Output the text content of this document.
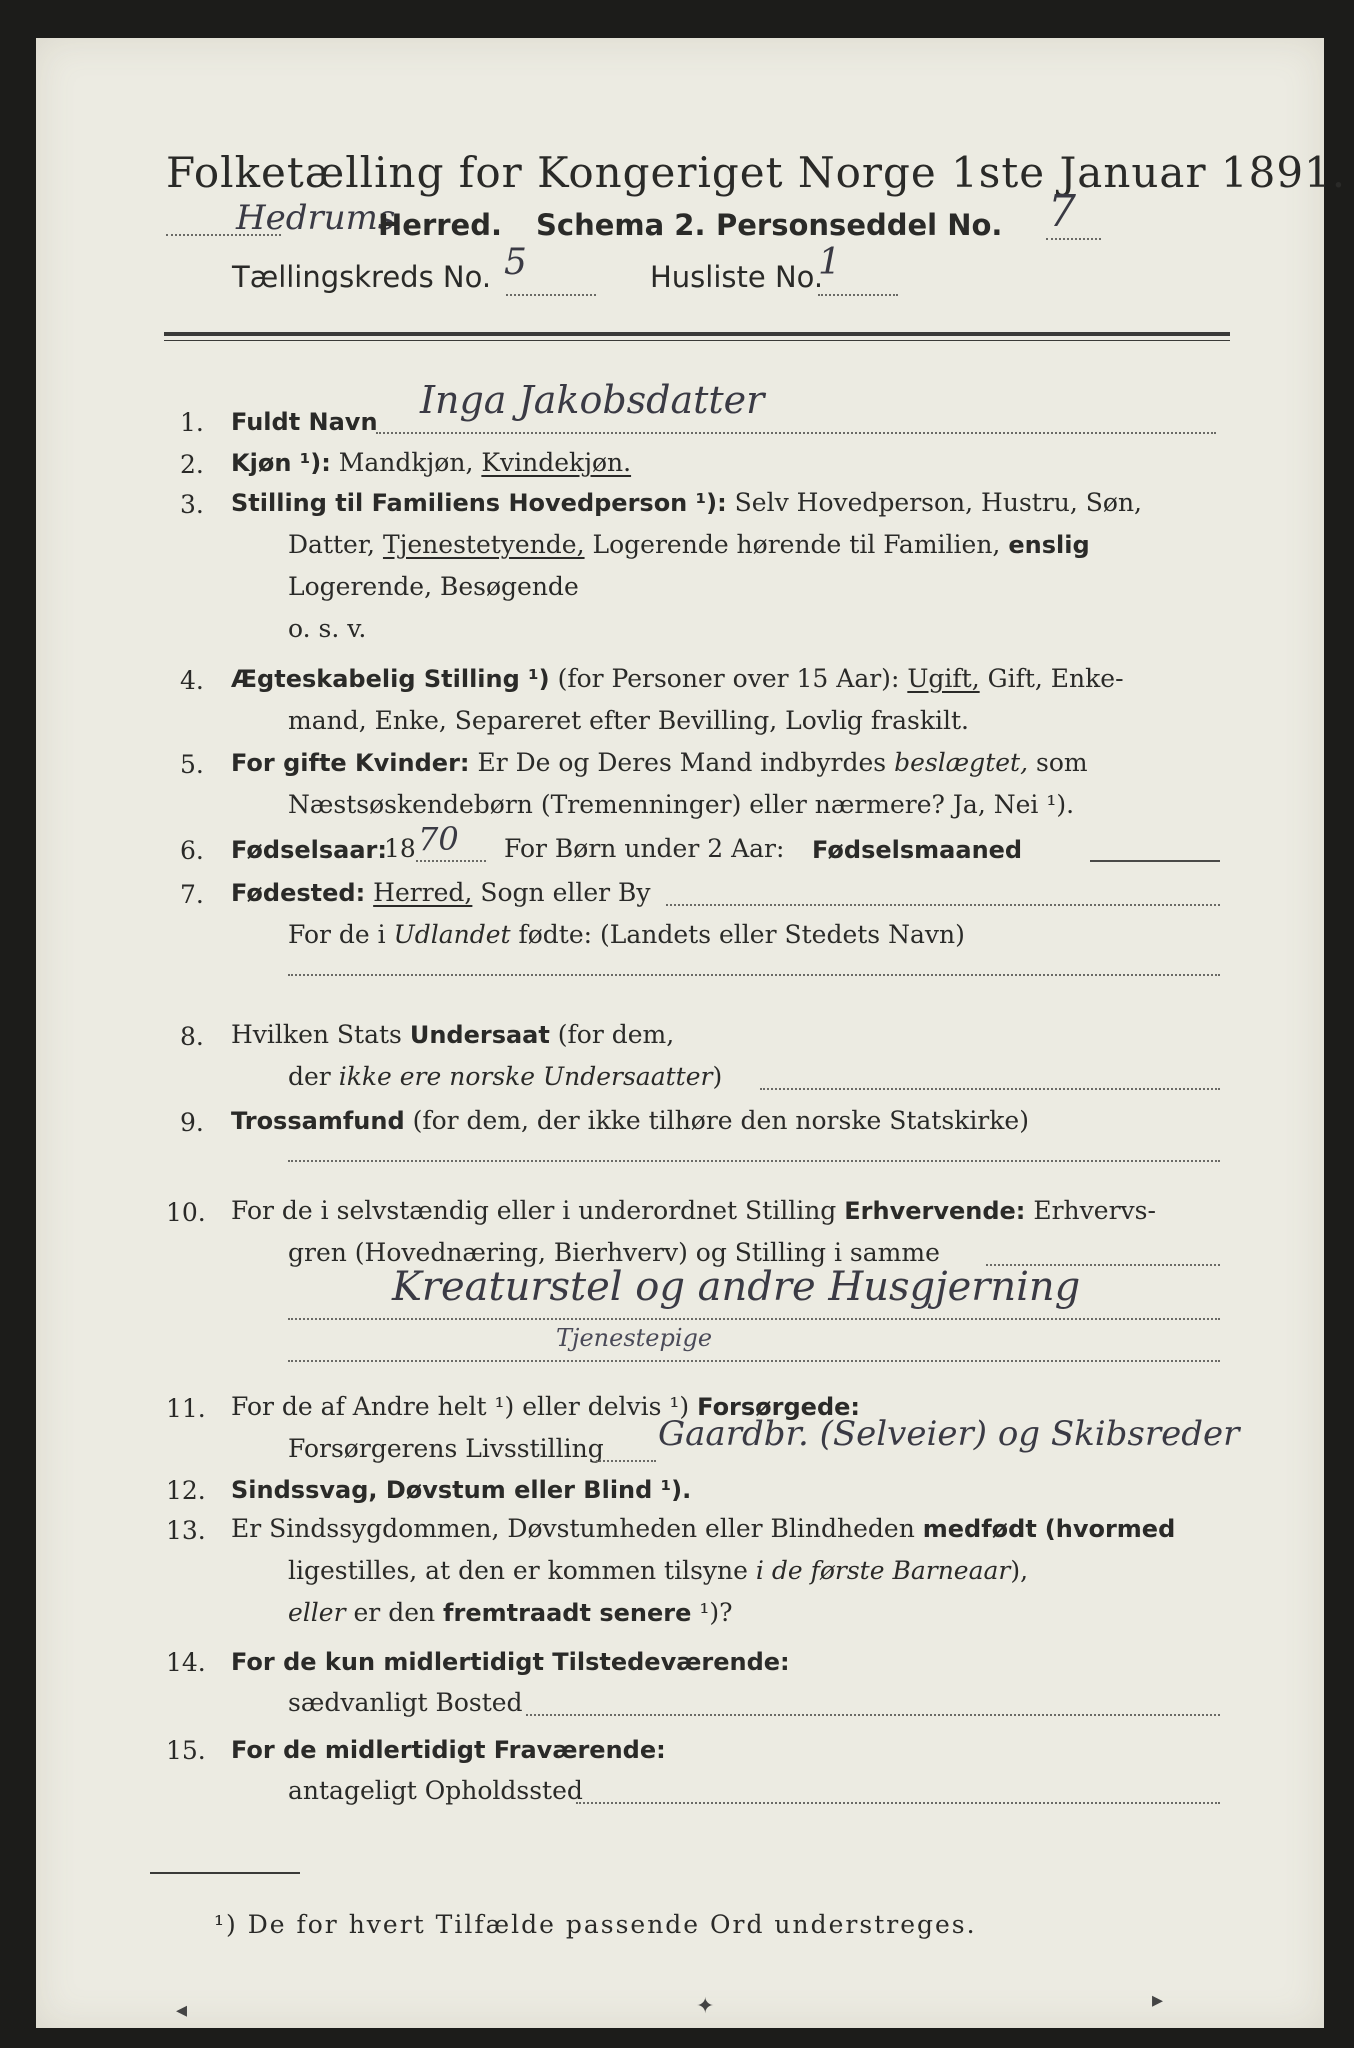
Folketælling for Kongeriget Norge 1ste Januar 1891.
Hedrums
Herred. Schema 2. Personseddel No. 7
Tællingskreds No. 5	Husliste No.
1
1. Fuldt Navn Inga Jakobsdatter
2. Kjøn ¹): Mandkjøn, Kvindekjøn.
3. Stilling til Familiens Hovedperson ¹): Selv Hovedperson, Hustru, Søn,
Datter, Tjenestetyende, Logerende hørende til Familien, enslig
Logerende, Besøgende
o. s. v.
4. Ægteskabelig Stilling ¹) (for Personer over 15 Aar): Ugift, Gift, Enke-
mand, Enke, Separeret efter Bevilling, Lovlig fraskilt.
5. For gifte Kvinder: Er De og Deres Mand indbyrdes beslægtet, som
Næstsøskendebørn (Tremenninger) eller nærmere? Ja, Nei ¹).
6. Fødselsaar:
18 70 For Børn under 2 Aar: Fødselsmaaned
7. Fødested: Herred, Sogn eller By
For de i Udlandet fødte: (Landets eller Stedets Navn)
8. Hvilken Stats Undersaat (for dem,
der ikke ere norske Undersaatter)
9. Trossamfund (for dem, der ikke tilhøre den norske Statskirke)
10. For de i selvstændig eller i underordnet Stilling Erhvervende: Erhvervs-
gren (Hovednæring, Bierhverv) og Stilling i samme
Kreaturstel og andre Husgjerning
Tjenestepige
11. For de af Andre helt ¹) eller delvis ¹) Forsørgede:
Forsørgerens Livsstilling Gaardbr. (Selveier) og Skibsreder
12. Sindssvag, Døvstum eller Blind ¹).
13. Er Sindssygdommen, Døvstumheden eller Blindheden medfødt (hvormed
ligestilles, at den er kommen tilsyne i de første Barneaar),
eller er den fremtraadt senere ¹)?
14. For de kun midlertidigt Tilstedeværende:
sædvanligt Bosted
15. For de midlertidigt Fraværende:
antageligt Opholdssted
¹) De for hvert Tilfælde passende Ord understreges.
◂	✦	▸
